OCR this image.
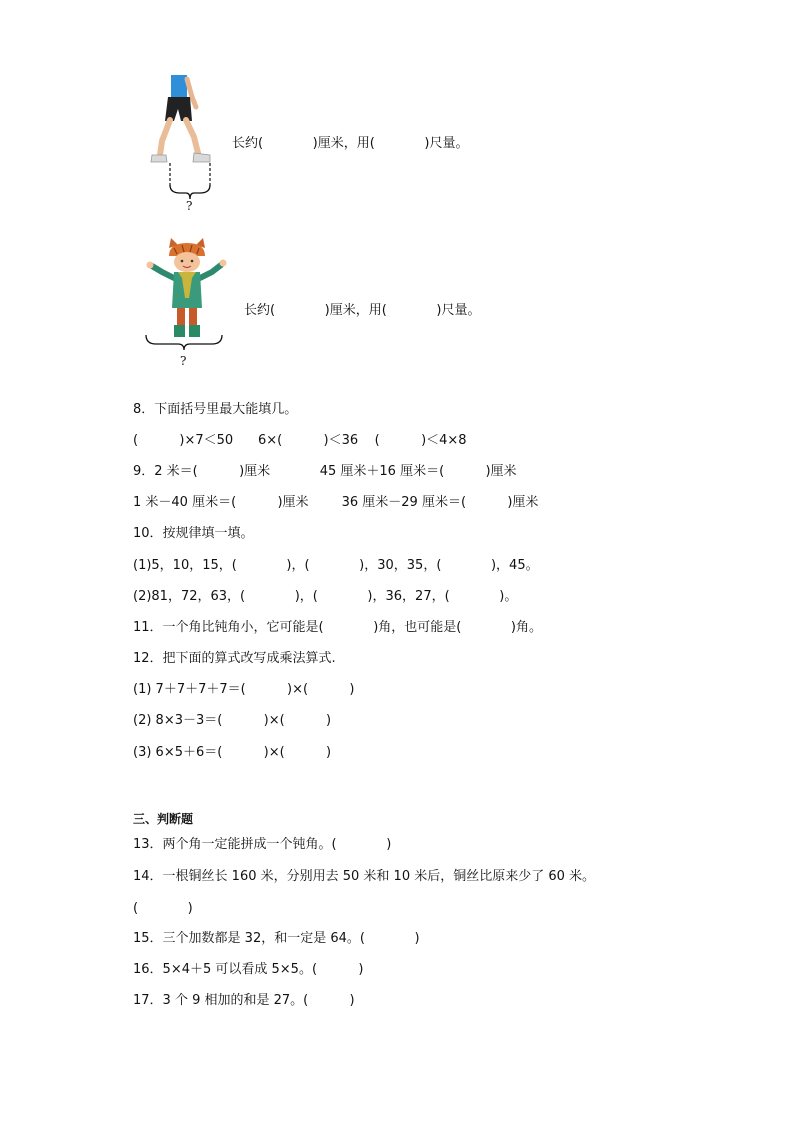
?
长约(            )厘米，用(            )尺量。
?
长约(            )厘米，用(            )尺量。
8．下面括号里最大能填几。
(          )×7＜50      6×(          )＜36    (          )＜4×8
9．2 米＝(          )厘米            45 厘米＋16 厘米＝(          )厘米
1 米－40 厘米＝(          )厘米        36 厘米－29 厘米＝(          )厘米
10．按规律填一填。
(1)5，10，15，(            )，(            )，30，35，(            )，45。
(2)81，72，63，(            )，(            )，36，27，(            )。
11．一个角比钝角小，它可能是(            )角，也可能是(            )角。
12．把下面的算式改写成乘法算式.
(1) 7＋7＋7＋7＝(          )×(          )
(2) 8×3－3＝(          )×(          )
(3) 6×5＋6＝(          )×(          )
三、判断题
13．两个角一定能拼成一个钝角。(            )
14．一根铜丝长 160 米，分别用去 50 米和 10 米后，铜丝比原来少了 60 米。
(            )
15．三个加数都是 32，和一定是 64。(            )
16．5×4＋5 可以看成 5×5。(          )
17．3 个 9 相加的和是 27。(          )
